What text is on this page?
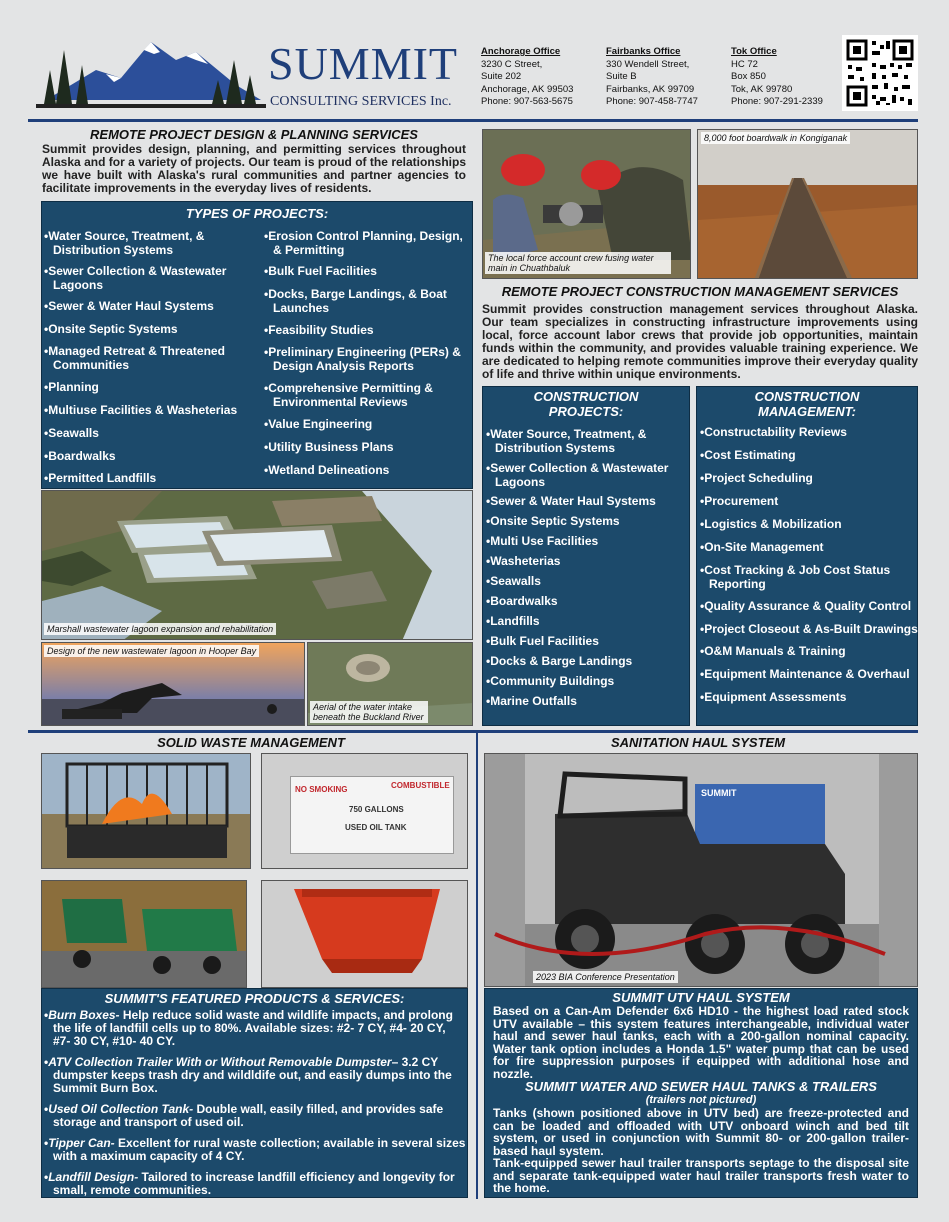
SUMMIT
CONSULTING SERVICES Inc.
Anchorage Office
3230 C Street,
Suite 202
Anchorage, AK 99503
Phone: 907-563-5675
Fairbanks Office
330 Wendell Street,
Suite B
Fairbanks, AK 99709
Phone: 907-458-7747
Tok Office
HC 72
Box 850
Tok, AK 99780
Phone: 907-291-2339
REMOTE PROJECT DESIGN & PLANNING SERVICES
Summit provides design, planning, and permitting services throughout Alaska and for a variety of projects. Our team is proud of the relationships we have built with Alaska's rural communities and partner agencies to facilitate improvements in the everyday lives of residents.
TYPES OF PROJECTS:
• Water Source, Treatment, & Distribution Systems
• Sewer Collection & Wastewater Lagoons
• Sewer & Water Haul Systems
• Onsite Septic Systems
• Managed Retreat & Threatened Communities
• Planning
• Multiuse Facilities & Washeterias
• Seawalls
• Boardwalks
• Permitted Landfills
• Erosion Control Planning, Design, & Permitting
• Bulk Fuel Facilities
• Docks, Barge Landings, & Boat Launches
• Feasibility Studies
• Preliminary Engineering (PERs) & Design Analysis Reports
• Comprehensive Permitting & Environmental Reviews
• Value Engineering
• Utility Business Plans
• Wetland Delineations
Marshall wastewater lagoon expansion and rehabilitation
Design of the new wastewater lagoon in Hooper Bay
Aerial of the water intake beneath the Buckland River
The local force account crew fusing water main in Chuathbaluk
8,000 foot boardwalk in Kongiganak
REMOTE PROJECT CONSTRUCTION MANAGEMENT SERVICES
Summit provides construction management services throughout Alaska. Our team specializes in constructing infrastructure improvements using local, force account labor crews that provide job opportunities, maintain funds within the community, and provides valuable training experience. We are dedicated to helping remote communities improve their everyday quality of life and thrive within unique environments.
CONSTRUCTION PROJECTS:
• Water Source, Treatment, & Distribution Systems
• Sewer Collection & Wastewater Lagoons
• Sewer & Water Haul Systems
• Onsite Septic Systems
• Multi Use Facilities
• Washeterias
• Seawalls
• Boardwalks
• Landfills
• Bulk Fuel Facilities
• Docks & Barge Landings
• Community Buildings
• Marine Outfalls
CONSTRUCTION MANAGEMENT:
• Constructability Reviews
• Cost Estimating
• Project Scheduling
• Procurement
• Logistics & Mobilization
• On-Site Management
• Cost Tracking & Job Cost Status Reporting
• Quality Assurance & Quality Control
• Project Closeout & As-Built Drawings
• O&M Manuals & Training
• Equipment Maintenance & Overhaul
• Equipment Assessments
SOLID WASTE MANAGEMENT
NO SMOKING	COMBUSTIBLE
750 GALLONS
USED OIL TANK
SUMMIT'S FEATURED PRODUCTS & SERVICES:
• Burn Boxes- Help reduce solid waste and wildlife impacts, and prolong the life of landfill cells up to 80%. Available sizes: #2- 7 CY, #4- 20 CY, #7- 30 CY, #10- 40 CY.
• ATV Collection Trailer With or Without Removable Dumpster– 3.2 CY dumpster keeps trash dry and wildldife out, and easily dumps into the Summit Burn Box.
• Used Oil Collection Tank- Double wall, easily filled, and provides safe storage and transport of used oil.
• Tipper Can- Excellent for rural waste collection; available in several sizes with a maximum capacity of 4 CY.
• Landfill Design- Tailored to increase landfill efficiency and longevity for small, remote communities.
SANITATION HAUL SYSTEM
SUMMIT
2023 BIA Conference Presentation
SUMMIT UTV HAUL SYSTEM

Based on a Can-Am Defender 6x6 HD10 - the highest load rated stock UTV available – this system features interchangeable, individual water haul and sewer haul tanks, each with a 200-gallon nominal capacity. Water tank option includes a Honda 1.5" water pump that can be used for fire suppression purposes if equipped with additional hose and nozzle.

SUMMIT WATER AND SEWER HAUL TANKS & TRAILERS
(trailers not pictured)

Tanks (shown positioned above in UTV bed) are freeze-protected and can be loaded and offloaded with UTV onboard winch and bed tilt system, or used in conjunction with Summit 80- or 200-gallon trailer-based haul system.

Tank-equipped sewer haul trailer transports septage to the disposal site and separate tank-equipped water haul trailer transports fresh water to the home.
